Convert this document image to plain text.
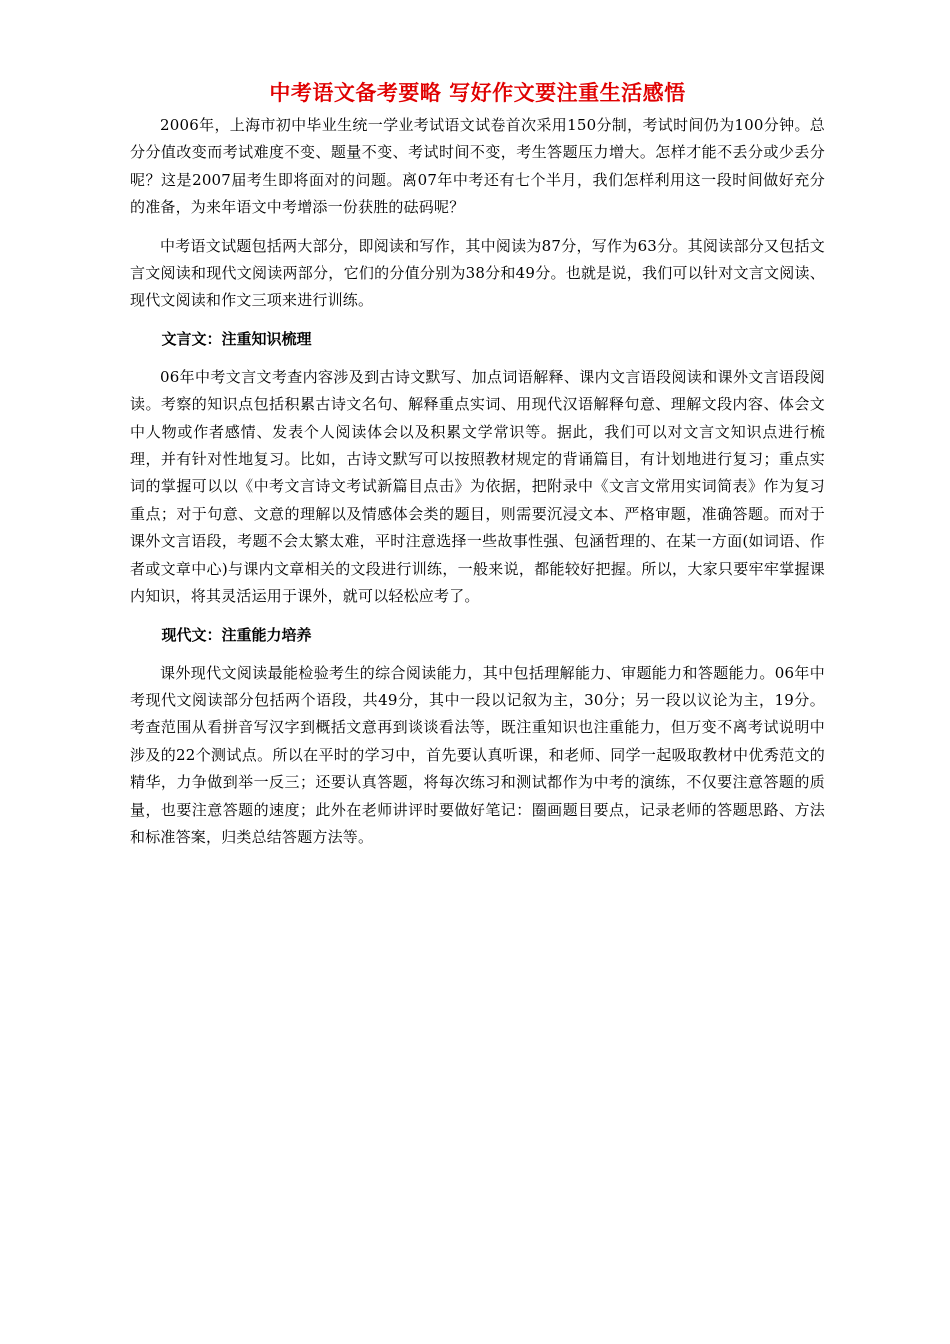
中考语文备考要略 写好作文要注重生活感悟

2006年，上海市初中毕业生统一学业考试语文试卷首次采用150分制，考试时间仍为100分钟。总分分值改变而考试难度不变、题量不变、考试时间不变，考生答题压力增大。怎样才能不丢分或少丢分呢？这是2007届考生即将面对的问题。离07年中考还有七个半月，我们怎样利用这一段时间做好充分的准备，为来年语文中考增添一份获胜的砝码呢？

中考语文试题包括两大部分，即阅读和写作，其中阅读为87分，写作为63分。其阅读部分又包括文言文阅读和现代文阅读两部分，它们的分值分别为38分和49分。也就是说，我们可以针对文言文阅读、现代文阅读和作文三项来进行训练。

文言文：注重知识梳理

06年中考文言文考查内容涉及到古诗文默写、加点词语解释、课内文言语段阅读和课外文言语段阅读。考察的知识点包括积累古诗文名句、解释重点实词、用现代汉语解释句意、理解文段内容、体会文中人物或作者感情、发表个人阅读体会以及积累文学常识等。据此，我们可以对文言文知识点进行梳理，并有针对性地复习。比如，古诗文默写可以按照教材规定的背诵篇目，有计划地进行复习；重点实词的掌握可以以《中考文言诗文考试新篇目点击》为依据，把附录中《文言文常用实词简表》作为复习重点；对于句意、文意的理解以及情感体会类的题目，则需要沉浸文本、严格审题，准确答题。而对于课外文言语段，考题不会太繁太难，平时注意选择一些故事性强、包涵哲理的、在某一方面(如词语、作者或文章中心)与课内文章相关的文段进行训练，一般来说，都能较好把握。所以，大家只要牢牢掌握课内知识，将其灵活运用于课外，就可以轻松应考了。

现代文：注重能力培养

课外现代文阅读最能检验考生的综合阅读能力，其中包括理解能力、审题能力和答题能力。06年中考现代文阅读部分包括两个语段，共49分，其中一段以记叙为主，30分；另一段以议论为主，19分。考查范围从看拼音写汉字到概括文意再到谈谈看法等，既注重知识也注重能力，但万变不离考试说明中涉及的22个测试点。所以在平时的学习中，首先要认真听课，和老师、同学一起吸取教材中优秀范文的精华，力争做到举一反三；还要认真答题，将每次练习和测试都作为中考的演练，不仅要注意答题的质量，也要注意答题的速度；此外在老师讲评时要做好笔记：圈画题目要点，记录老师的答题思路、方法和标准答案，归类总结答题方法等。
